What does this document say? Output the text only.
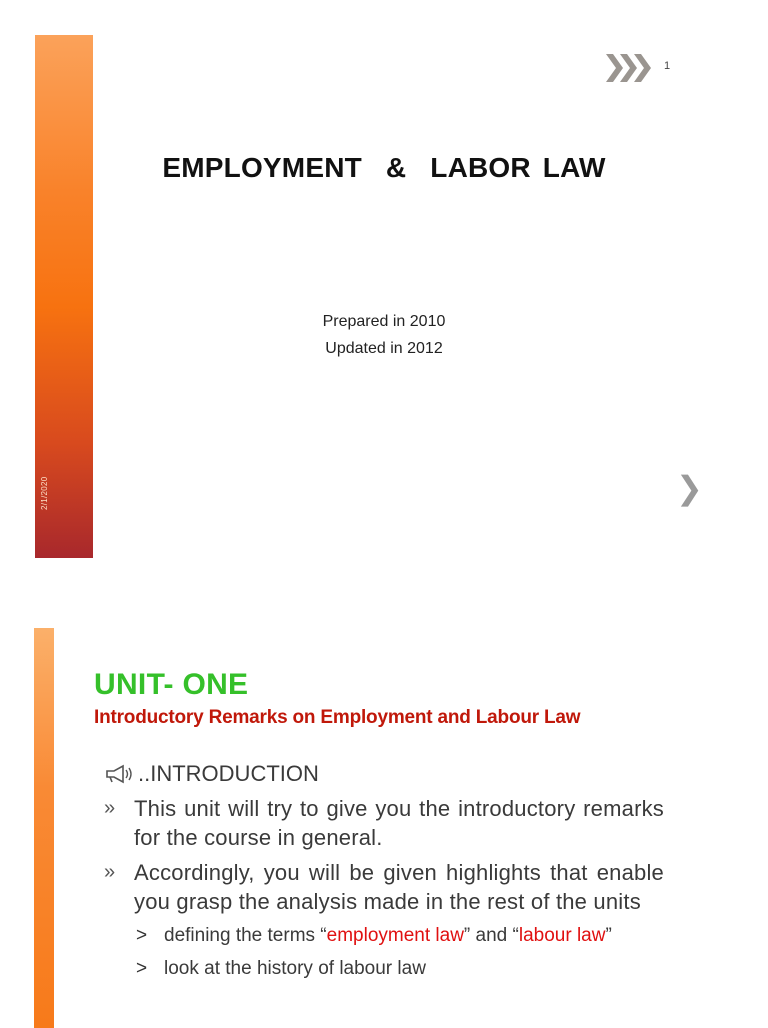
2/1/2020
1
EMPLOYMENT  &  LABOR LAW
Prepared in 2010
Updated in 2012
❯
UNIT- ONE
Introductory Remarks on Employment and Labour Law
..INTRODUCTION
» This unit will try to give you the introductory remarks for the course in general.
» Accordingly, you will be given highlights that enable you grasp the analysis made in the rest of the units
> defining the terms “employment law” and “labour law”
> look at the history of labour law
